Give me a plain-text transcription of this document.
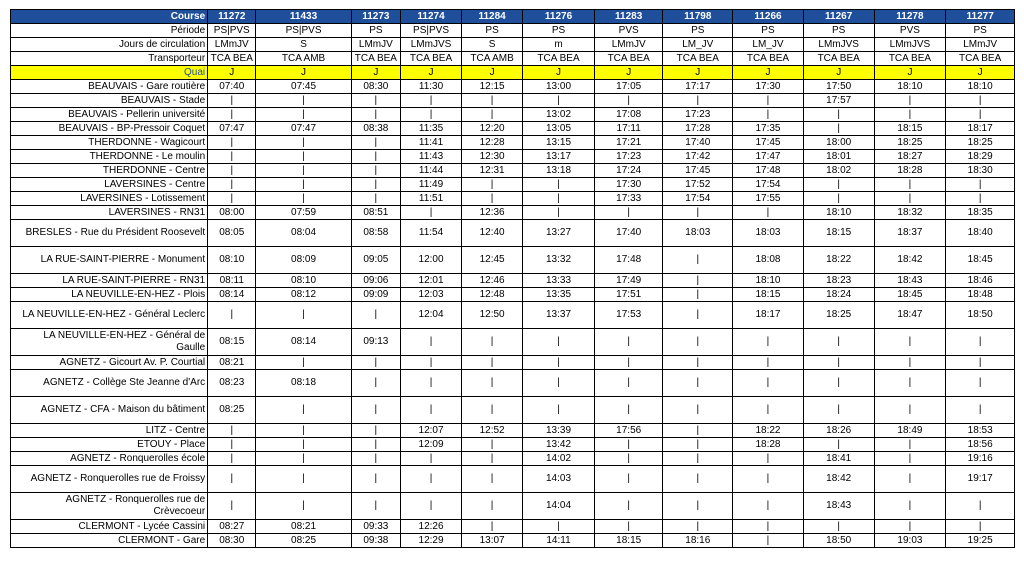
Course	11272	11433	11273	11274	11284	11276	11283	11798	11266	11267	11278	11277
Période	PS|PVS	PS|PVS	PS	PS|PVS	PS	PS	PVS	PS	PS	PS	PVS	PS
Jours de circulation	LMmJV	S	LMmJV	LMmJVS	S	m	LMmJV	LM_JV	LM_JV	LMmJVS	LMmJVS	LMmJV
Transporteur	TCA BEA	TCA AMB	TCA BEA	TCA BEA	TCA AMB	TCA BEA	TCA BEA	TCA BEA	TCA BEA	TCA BEA	TCA BEA	TCA BEA
Quai	J	J	J	J	J	J	J	J	J	J	J	J
BEAUVAIS - Gare routière	07:40	07:45	08:30	11:30	12:15	13:00	17:05	17:17	17:30	17:50	18:10	18:10
BEAUVAIS - Stade	|	|	|	|	|	|	|	|	|	17:57	|	|
BEAUVAIS - Pellerin université	|	|	|	|	|	13:02	17:08	17:23	|	|	|	|
BEAUVAIS - BP-Pressoir Coquet	07:47	07:47	08:38	11:35	12:20	13:05	17:11	17:28	17:35	|	18:15	18:17
THERDONNE - Wagicourt	|	|	|	11:41	12:28	13:15	17:21	17:40	17:45	18:00	18:25	18:25
THERDONNE - Le moulin	|	|	|	11:43	12:30	13:17	17:23	17:42	17:47	18:01	18:27	18:29
THERDONNE - Centre	|	|	|	11:44	12:31	13:18	17:24	17:45	17:48	18:02	18:28	18:30
LAVERSINES - Centre	|	|	|	11:49	|	|	17:30	17:52	17:54	|	|	|
LAVERSINES - Lotissement	|	|	|	11:51	|	|	17:33	17:54	17:55	|	|	|
LAVERSINES - RN31	08:00	07:59	08:51	|	12:36	|	|	|	|	18:10	18:32	18:35
BRESLES - Rue du Président Roosevelt	08:05	08:04	08:58	11:54	12:40	13:27	17:40	18:03	18:03	18:15	18:37	18:40
LA RUE-SAINT-PIERRE - Monument	08:10	08:09	09:05	12:00	12:45	13:32	17:48	|	18:08	18:22	18:42	18:45
LA RUE-SAINT-PIERRE - RN31	08:11	08:10	09:06	12:01	12:46	13:33	17:49	|	18:10	18:23	18:43	18:46
LA NEUVILLE-EN-HEZ - Plois	08:14	08:12	09:09	12:03	12:48	13:35	17:51	|	18:15	18:24	18:45	18:48
LA NEUVILLE-EN-HEZ - Général Leclerc	|	|	|	12:04	12:50	13:37	17:53	|	18:17	18:25	18:47	18:50
LA NEUVILLE-EN-HEZ - Général de Gaulle	08:15	08:14	09:13	|	|	|	|	|	|	|	|	|
AGNETZ - Gicourt Av. P. Courtial	08:21	|	|	|	|	|	|	|	|	|	|	|
AGNETZ - Collège Ste Jeanne d'Arc	08:23	08:18	|	|	|	|	|	|	|	|	|	|
AGNETZ - CFA - Maison du bâtiment	08:25	|	|	|	|	|	|	|	|	|	|	|
LITZ - Centre	|	|	|	12:07	12:52	13:39	17:56	|	18:22	18:26	18:49	18:53
ETOUY - Place	|	|	|	12:09	|	13:42	|	|	18:28	|	|	18:56
AGNETZ - Ronquerolles école	|	|	|	|	|	14:02	|	|	|	18:41	|	19:16
AGNETZ - Ronquerolles rue de Froissy	|	|	|	|	|	14:03	|	|	|	18:42	|	19:17
AGNETZ - Ronquerolles rue de Crèvecoeur	|	|	|	|	|	14:04	|	|	|	18:43	|	|
CLERMONT - Lycée Cassini	08:27	08:21	09:33	12:26	|	|	|	|	|	|	|	|
CLERMONT - Gare	08:30	08:25	09:38	12:29	13:07	14:11	18:15	18:16	|	18:50	19:03	19:25
